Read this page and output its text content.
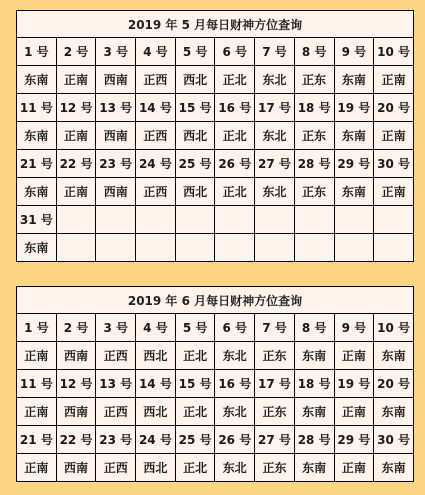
2019 年 5 月每日财神方位查询									
1 号	2 号	3 号	4 号	5 号	6 号	7 号	8 号	9 号	10 号
东南	正南	西南	正西	西北	正北	东北	正东	东南	正南
11 号	12 号	13 号	14 号	15 号	16 号	17 号	18 号	19 号	20 号
东南	正南	西南	正西	西北	正北	东北	正东	东南	正南
21 号	22 号	23 号	24 号	25 号	26 号	27 号	28 号	29 号	30 号
东南	正南	西南	正西	西北	正北	东北	正东	东南	正南
31 号									
东南									
2019 年 6 月每日财神方位查询									
1 号	2 号	3 号	4 号	5 号	6 号	7 号	8 号	9 号	10 号
正南	西南	正西	西北	正北	东北	正东	东南	正南	东南
11 号	12 号	13 号	14 号	15 号	16 号	17 号	18 号	19 号	20 号
正南	西南	正西	西北	正北	东北	正东	东南	正南	东南
21 号	22 号	23 号	24 号	25 号	26 号	27 号	28 号	29 号	30 号
正南	西南	正西	西北	正北	东北	正东	东南	正南	东南
